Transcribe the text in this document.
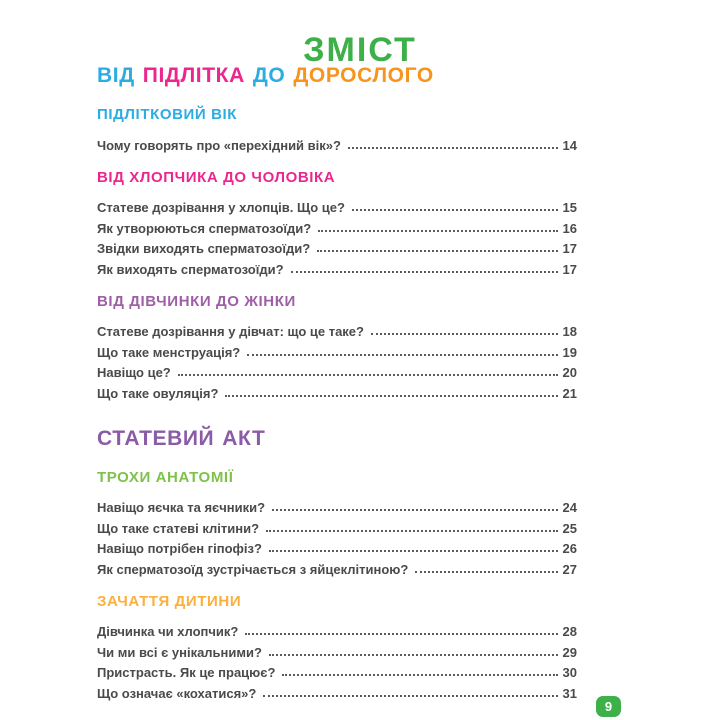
ЗМІСТ
ВІД ПІДЛІТКА ДО ДОРОСЛОГО
ПІДЛІТКОВИЙ ВІК
Чому говорять про «перехідний вік»?	14
ВІД ХЛОПЧИКА ДО ЧОЛОВІКА
Статеве дозрівання у хлопців. Що це?	15
Як утворюються сперматозоїди?	16
Звідки виходять сперматозоїди?	17
Як виходять сперматозоїди?	17
ВІД ДІВЧИНКИ ДО ЖІНКИ
Статеве дозрівання у дівчат: що це таке?	18
Що таке менструація?	19
Навіщо це?	20
Що таке овуляція?	21
СТАТЕВИЙ АКТ
ТРОХИ АНАТОМІЇ
Навіщо яєчка та яєчники?	24
Що таке статеві клітини?	25
Навіщо потрібен гіпофіз?	26
Як сперматозоїд зустрічається з яйцеклітиною?	27
ЗАЧАТТЯ ДИТИНИ
Дівчинка чи хлопчик?	28
Чи ми всі є унікальними?	29
Пристрасть. Як це працює?	30
Що означає «кохатися»?	31
9
